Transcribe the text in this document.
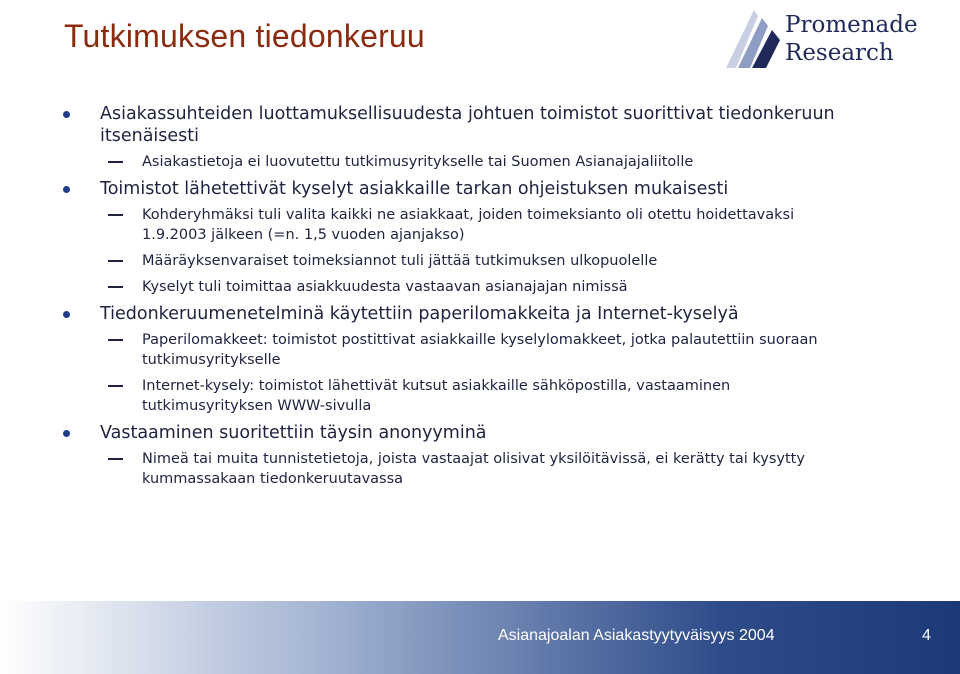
Tutkimuksen tiedonkeruu	Promenade
Research
Asiakassuhteiden luottamuksellisuudesta johtuen toimistot suorittivat tiedonkeruun itsenäisesti
Asiakastietoja ei luovutettu tutkimusyritykselle tai Suomen Asianajajaliitolle
Toimistot lähetettivät kyselyt asiakkaille tarkan ohjeistuksen mukaisesti
Kohderyhmäksi tuli valita kaikki ne asiakkaat, joiden toimeksianto oli otettu hoidettavaksi 1.9.2003 jälkeen (=n. 1,5 vuoden ajanjakso)
Määräyksenvaraiset toimeksiannot tuli jättää tutkimuksen ulkopuolelle
Kyselyt tuli toimittaa asiakkuudesta vastaavan asianajajan nimissä
Tiedonkeruumenetelminä käytettiin paperilomakkeita ja Internet-kyselyä
Paperilomakkeet: toimistot postittivat asiakkaille kyselylomakkeet, jotka palautettiin suoraan tutkimusyritykselle
Internet-kysely: toimistot lähettivät kutsut asiakkaille sähköpostilla, vastaaminen tutkimusyrityksen WWW-sivulla
Vastaaminen suoritettiin täysin anonyyminä
Nimeä tai muita tunnistetietoja, joista vastaajat olisivat yksilöitävissä, ei kerätty tai kysytty kummassakaan tiedonkeruutavassa
Asianajoalan Asiakastyytyväisyys 2004	4
